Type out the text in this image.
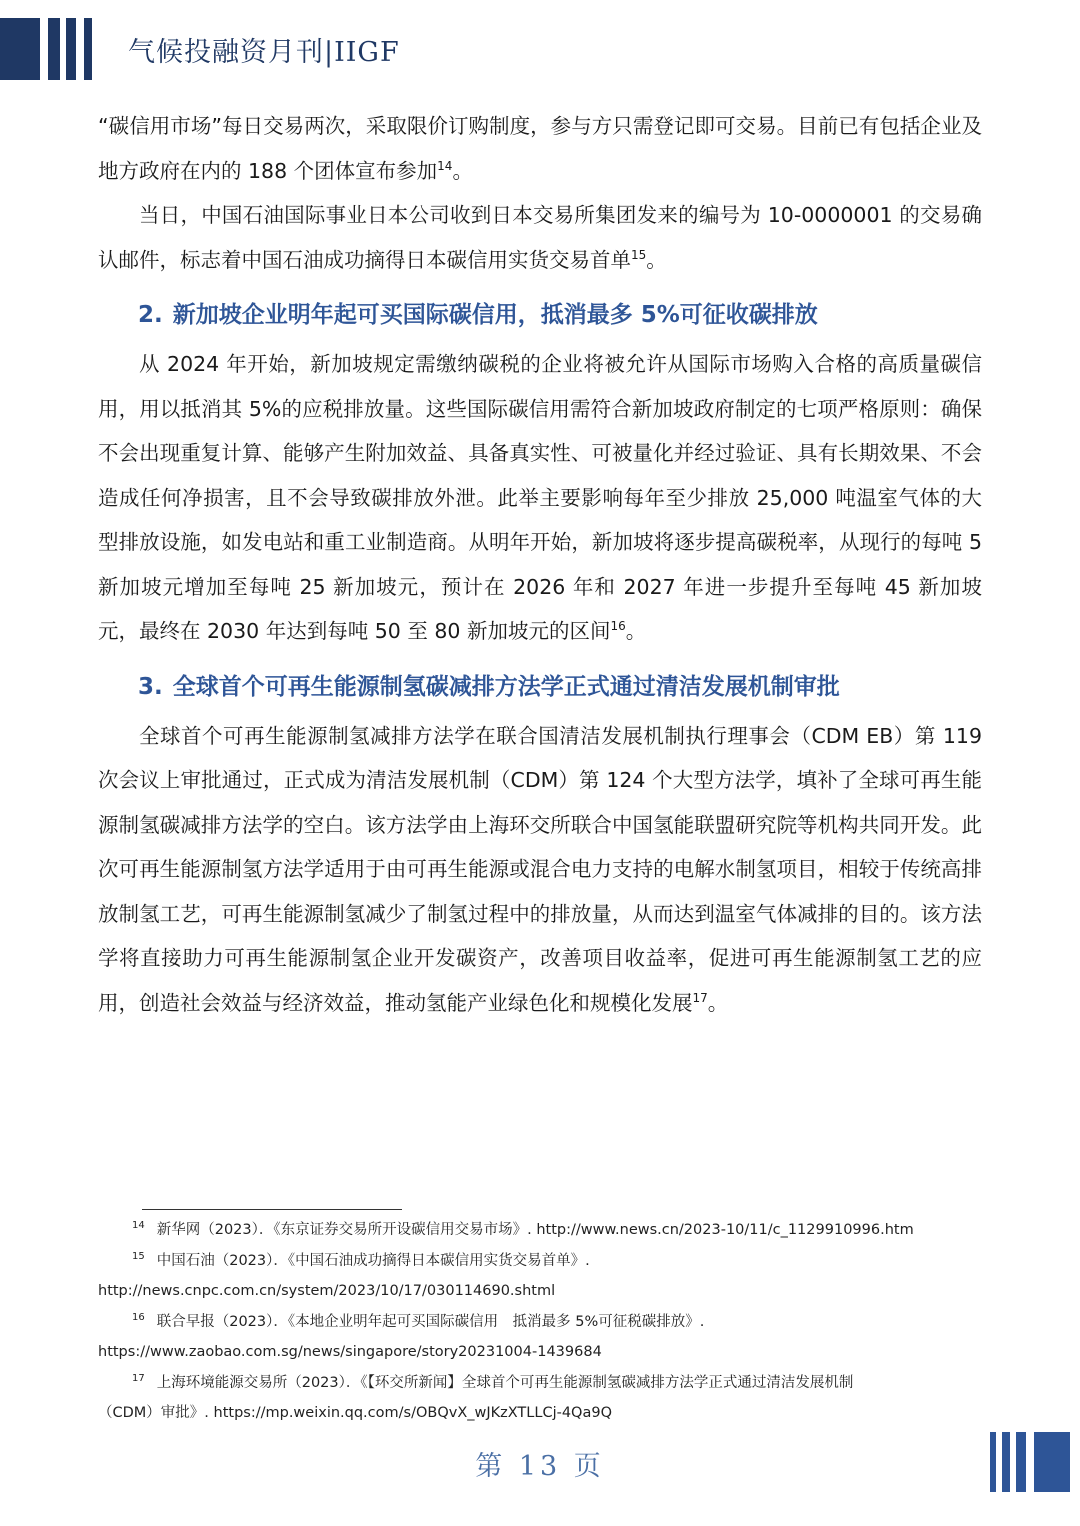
气候投融资月刊|IIGF

“碳信用市场”每日交易两次，采取限价订购制度，参与方只需登记即可交易。目前已有包括企业及地方政府在内的 188 个团体宣布参加$^{14}$。

当日，中国石油国际事业日本公司收到日本交易所集团发来的编号为 10-0000001 的交易确认邮件，标志着中国石油成功摘得日本碳信用实货交易首单$^{15}$。

2. 新加坡企业明年起可买国际碳信用，抵消最多 5%可征收碳排放

从 2024 年开始，新加坡规定需缴纳碳税的企业将被允许从国际市场购入合格的高质量碳信用，用以抵消其 5%的应税排放量。这些国际碳信用需符合新加坡政府制定的七项严格原则：确保不会出现重复计算、能够产生附加效益、具备真实性、可被量化并经过验证、具有长期效果、不会造成任何净损害，且不会导致碳排放外泄。此举主要影响每年至少排放 25,000 吨温室气体的大型排放设施，如发电站和重工业制造商。从明年开始，新加坡将逐步提高碳税率，从现行的每吨 5 新加坡元增加至每吨 25 新加坡元，预计在 2026 年和 2027 年进一步提升至每吨 45 新加坡元，最终在 2030 年达到每吨 50 至 80 新加坡元的区间$^{16}$。

3. 全球首个可再生能源制氢碳减排方法学正式通过清洁发展机制审批

全球首个可再生能源制氢减排方法学在联合国清洁发展机制执行理事会（CDM EB）第 119 次会议上审批通过，正式成为清洁发展机制（CDM）第 124 个大型方法学，填补了全球可再生能源制氢碳减排方法学的空白。该方法学由上海环交所联合中国氢能联盟研究院等机构共同开发。此次可再生能源制氢方法学适用于由可再生能源或混合电力支持的电解水制氢项目，相较于传统高排放制氢工艺，可再生能源制氢减少了制氢过程中的排放量，从而达到温室气体减排的目的。该方法学将直接助力可再生能源制氢企业开发碳资产，改善项目收益率，促进可再生能源制氢工艺的应用，创造社会效益与经济效益，推动氢能产业绿色化和规模化发展$^{17}$。

$^{14}$ 新华网（2023）．《东京证券交易所开设碳信用交易市场》. http://www.news.cn/2023-10/11/c_1129910996.htm
$^{15}$ 中国石油（2023）．《中国石油成功摘得日本碳信用实货交易首单》.
http://news.cnpc.com.cn/system/2023/10/17/030114690.shtml
$^{16}$ 联合早报（2023）．《本地企业明年起可买国际碳信用　抵消最多 5%可征税碳排放》.
https://www.zaobao.com.sg/news/singapore/story20231004-1439684
$^{17}$ 上海环境能源交易所（2023）．《【环交所新闻】全球首个可再生能源制氢碳减排方法学正式通过清洁发展机制
（CDM）审批》. https://mp.weixin.qq.com/s/OBQvX_wJKzXTLLCj-4Qa9Q
第 13 页
